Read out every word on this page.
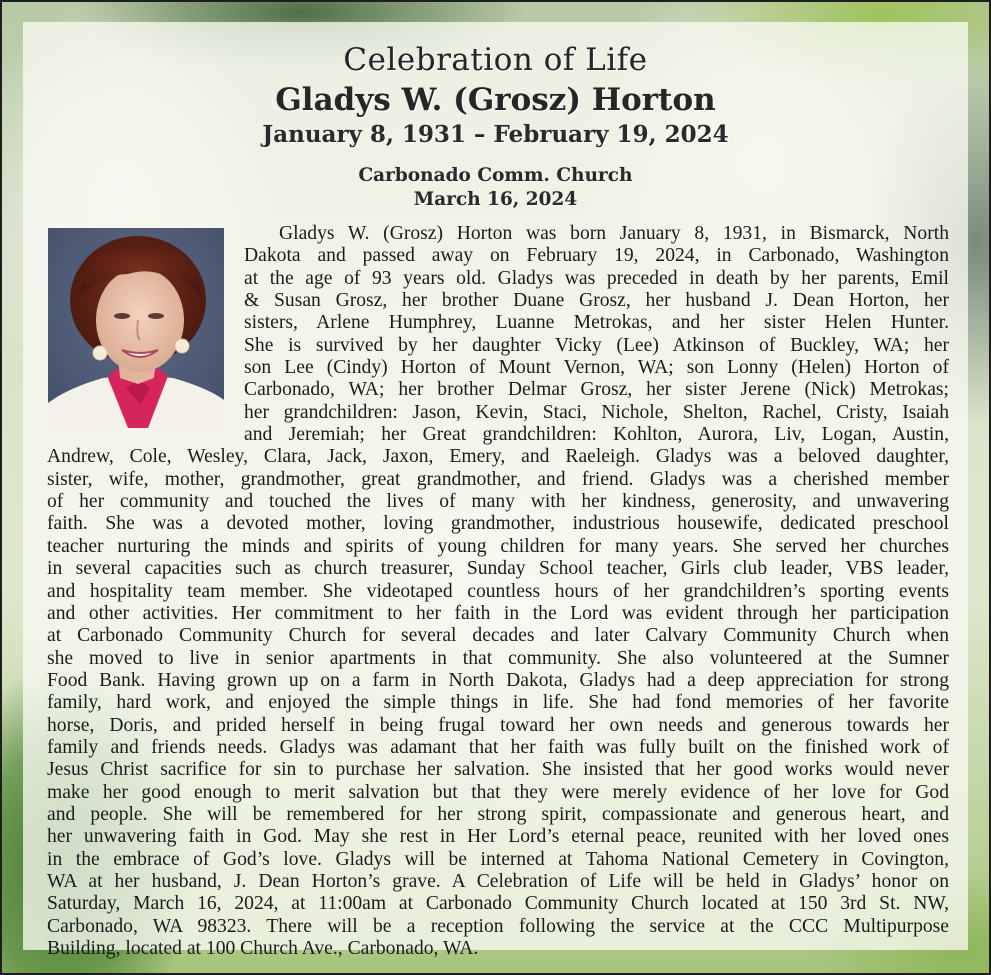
Celebration of Life
Gladys W. (Grosz) Horton
January 8, 1931 – February 19, 2024
Carbonado Comm. Church
March 16, 2024
Gladys W. (Grosz) Horton was born January 8, 1931, in Bismarck, North
Dakota and passed away on February 19, 2024, in Carbonado, Washington
at the age of 93 years old. Gladys was preceded in death by her parents, Emil
& Susan Grosz, her brother Duane Grosz, her husband J. Dean Horton, her
sisters, Arlene Humphrey, Luanne Metrokas, and her sister Helen Hunter.
She is survived by her daughter Vicky (Lee) Atkinson of Buckley, WA; her
son Lee (Cindy) Horton of Mount Vernon, WA; son Lonny (Helen) Horton of
Carbonado, WA; her brother Delmar Grosz, her sister Jerene (Nick) Metrokas;
her grandchildren: Jason, Kevin, Staci, Nichole, Shelton, Rachel, Cristy, Isaiah
and Jeremiah; her Great grandchildren: Kohlton, Aurora, Liv, Logan, Austin,
Andrew, Cole, Wesley, Clara, Jack, Jaxon, Emery, and Raeleigh. Gladys was a beloved daughter,
sister, wife, mother, grandmother, great grandmother, and friend. Gladys was a cherished member
of her community and touched the lives of many with her kindness, generosity, and unwavering
faith. She was a devoted mother, loving grandmother, industrious housewife, dedicated preschool
teacher nurturing the minds and spirits of young children for many years. She served her churches
in several capacities such as church treasurer, Sunday School teacher, Girls club leader, VBS leader,
and hospitality team member. She videotaped countless hours of her grandchildren’s sporting events
and other activities. Her commitment to her faith in the Lord was evident through her participation
at Carbonado Community Church for several decades and later Calvary Community Church when
she moved to live in senior apartments in that community. She also volunteered at the Sumner
Food Bank. Having grown up on a farm in North Dakota, Gladys had a deep appreciation for strong
family, hard work, and enjoyed the simple things in life. She had fond memories of her favorite
horse, Doris, and prided herself in being frugal toward her own needs and generous towards her
family and friends needs. Gladys was adamant that her faith was fully built on the finished work of
Jesus Christ sacrifice for sin to purchase her salvation. She insisted that her good works would never
make her good enough to merit salvation but that they were merely evidence of her love for God
and people. She will be remembered for her strong spirit, compassionate and generous heart, and
her unwavering faith in God. May she rest in Her Lord’s eternal peace, reunited with her loved ones
in the embrace of God’s love. Gladys will be interned at Tahoma National Cemetery in Covington,
WA at her husband, J. Dean Horton’s grave. A Celebration of Life will be held in Gladys’ honor on
Saturday, March 16, 2024, at 11:00am at Carbonado Community Church located at 150 3rd St. NW,
Carbonado, WA 98323. There will be a reception following the service at the CCC Multipurpose
Building, located at 100 Church Ave., Carbonado, WA.
